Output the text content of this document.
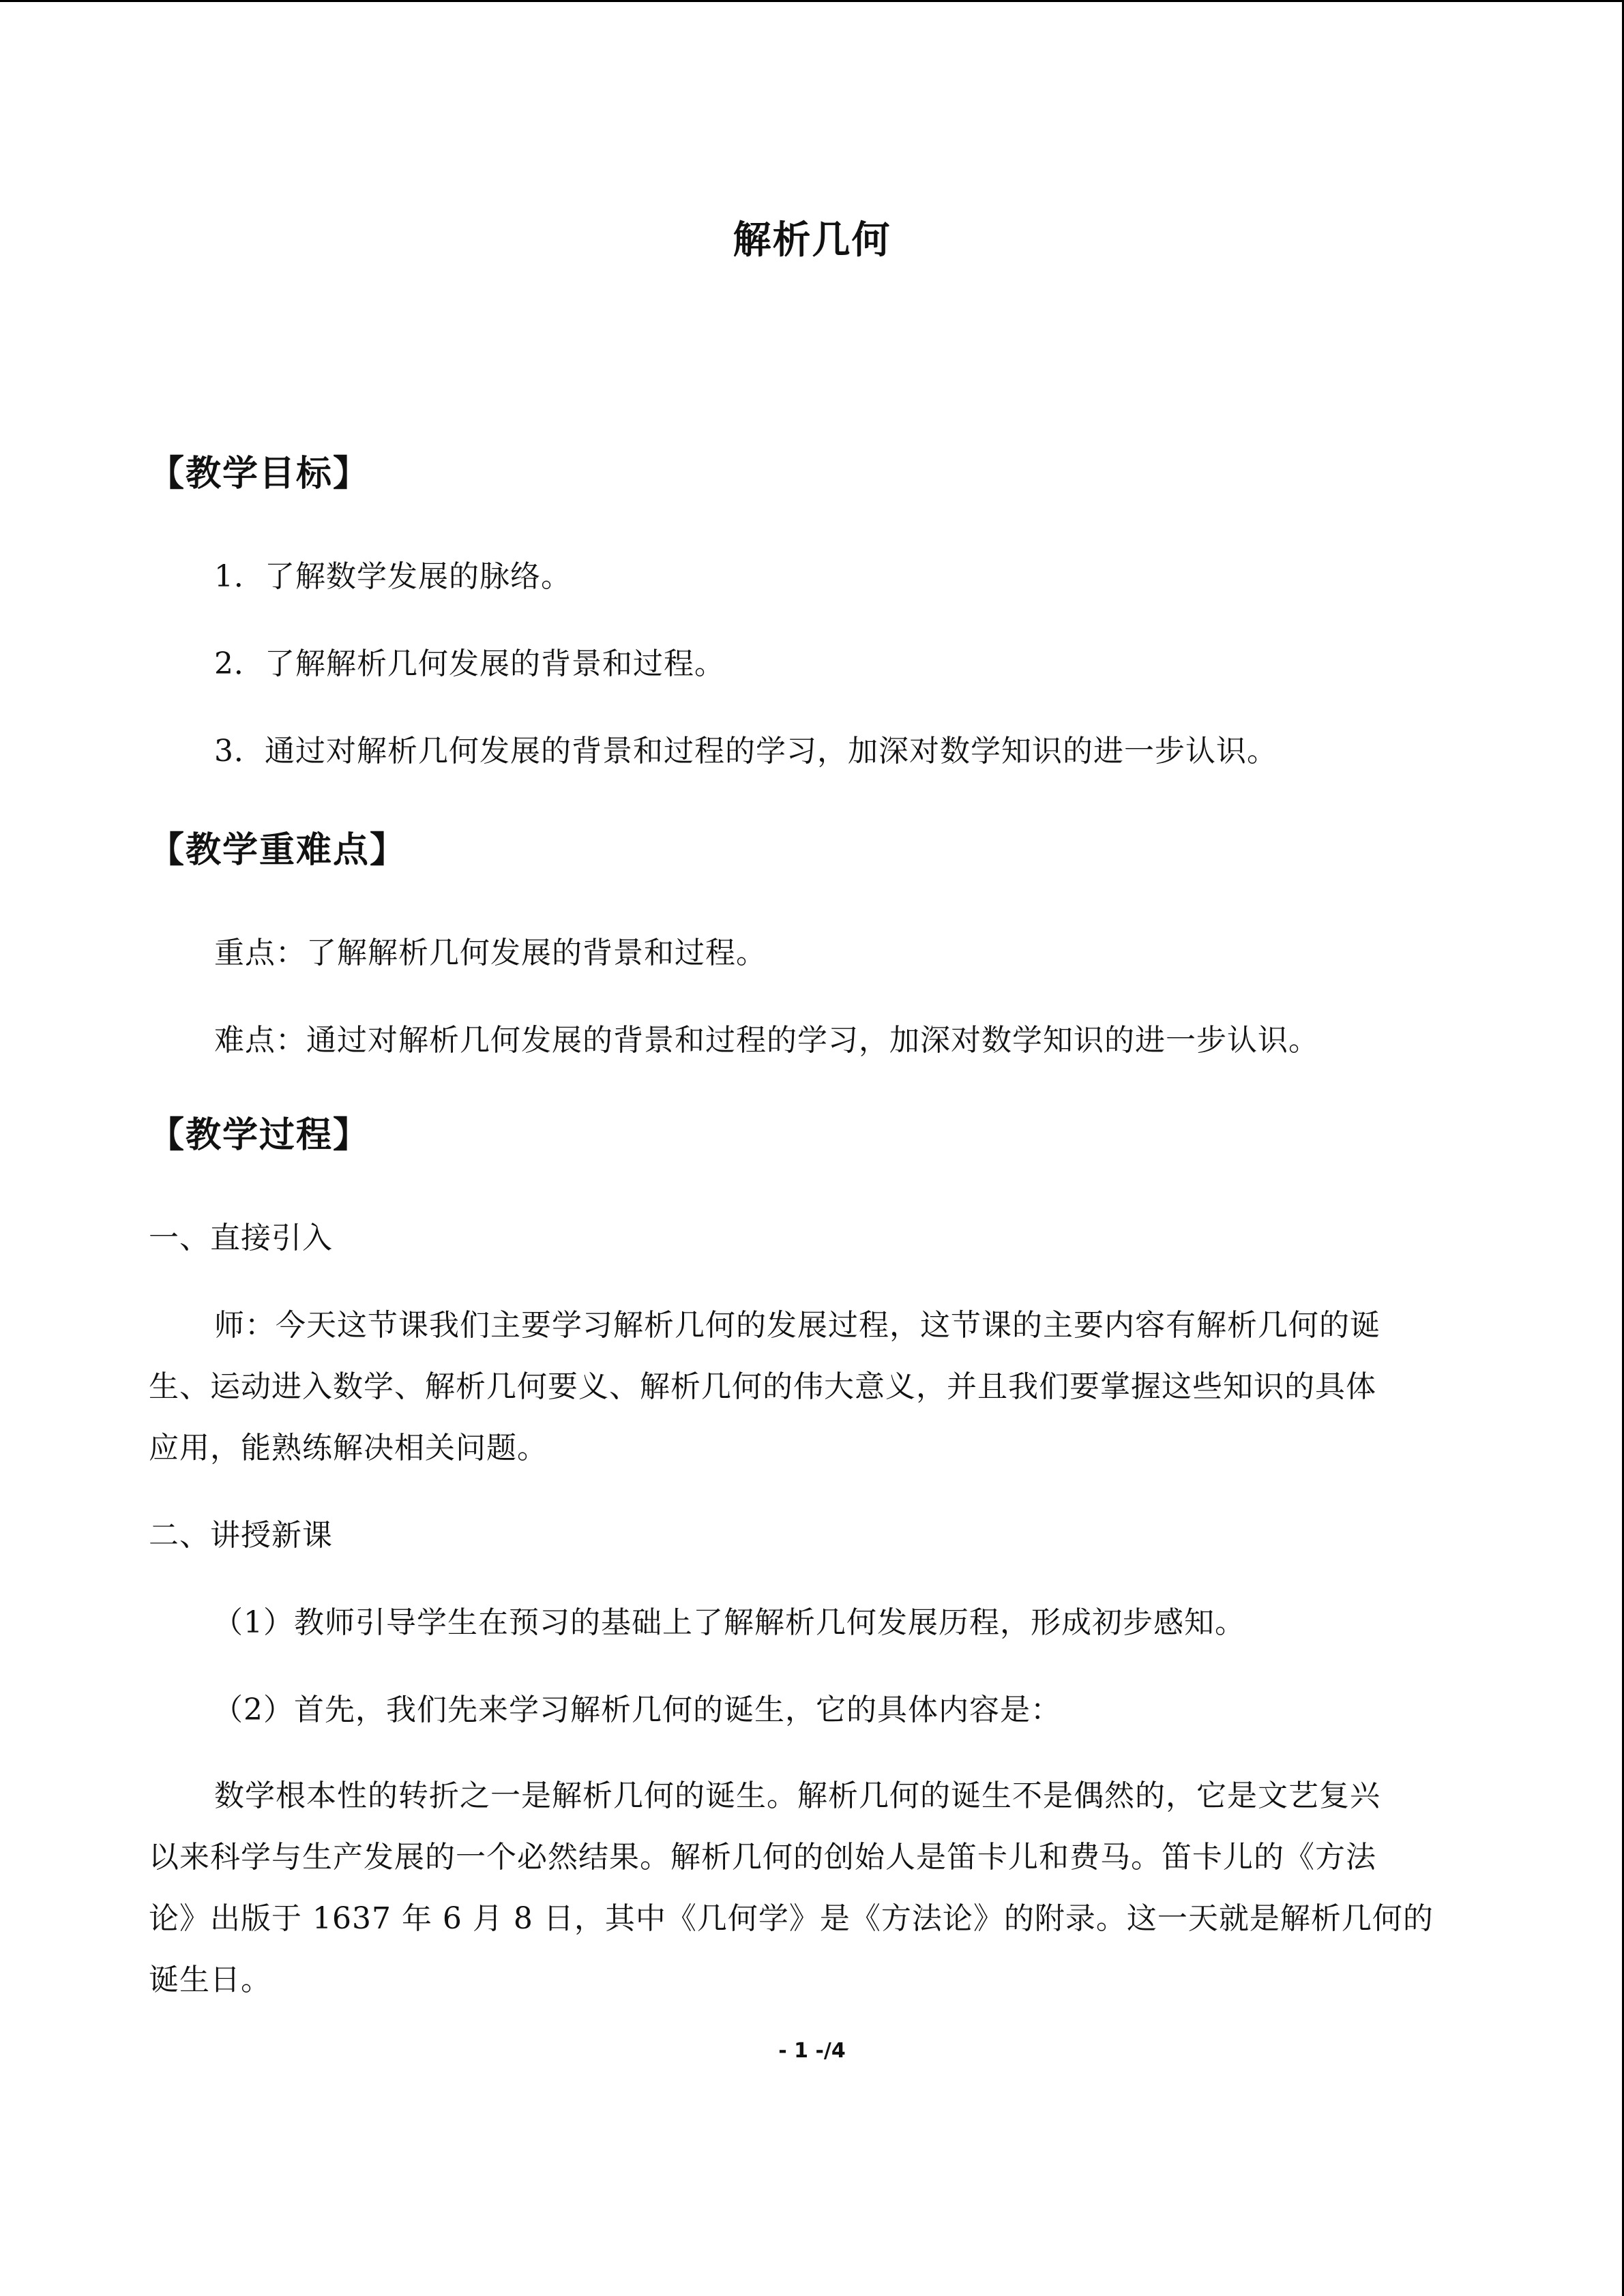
解析几何
【教学目标】
1．了解数学发展的脉络。
2．了解解析几何发展的背景和过程。
3．通过对解析几何发展的背景和过程的学习，加深对数学知识的进一步认识。
【教学重难点】
重点：了解解析几何发展的背景和过程。
难点：通过对解析几何发展的背景和过程的学习，加深对数学知识的进一步认识。
【教学过程】
一、直接引入
师：今天这节课我们主要学习解析几何的发展过程，这节课的主要内容有解析几何的诞
生、运动进入数学、解析几何要义、解析几何的伟大意义，并且我们要掌握这些知识的具体
应用，能熟练解决相关问题。
二、讲授新课
（1）教师引导学生在预习的基础上了解解析几何发展历程，形成初步感知。
（2）首先，我们先来学习解析几何的诞生，它的具体内容是：
数学根本性的转折之一是解析几何的诞生。解析几何的诞生不是偶然的，它是文艺复兴
以来科学与生产发展的一个必然结果。解析几何的创始人是笛卡儿和费马。笛卡儿的《方法
论》出版于 1637 年 6 月 8 日，其中《几何学》是《方法论》的附录。这一天就是解析几何的
诞生日。
- 1 -/4
